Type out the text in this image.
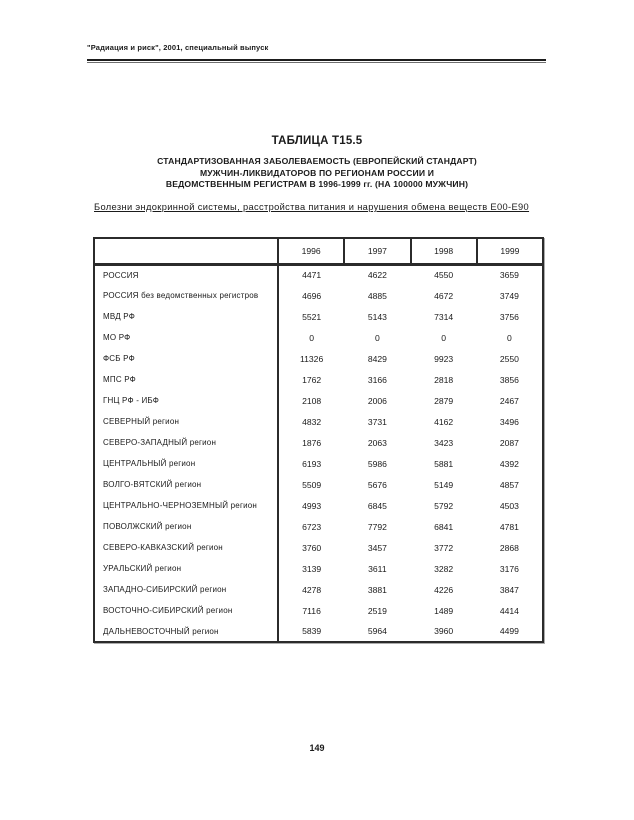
"Радиация и риск", 2001, специальный выпуск
ТАБЛИЦА Т15.5
СТАНДАРТИЗОВАННАЯ ЗАБОЛЕВАЕМОСТЬ (ЕВРОПЕЙСКИЙ СТАНДАРТ)
МУЖЧИН-ЛИКВИДАТОРОВ ПО РЕГИОНАМ РОССИИ И
ВЕДОМСТВЕННЫМ РЕГИСТРАМ В 1996-1999 гг. (НА 100000 МУЖЧИН)
Болезни эндокринной системы, расстройства питания и нарушения обмена веществ E00-E90
	1996	1997	1998	1999
РОССИЯ	4471	4622	4550	3659
РОССИЯ без ведомственных регистров	4696	4885	4672	3749
МВД РФ	5521	5143	7314	3756
МО РФ	0	0	0	0
ФСБ РФ	11326	8429	9923	2550
МПС РФ	1762	3166	2818	3856
ГНЦ РФ - ИБФ	2108	2006	2879	2467
СЕВЕРНЫЙ регион	4832	3731	4162	3496
СЕВЕРО-ЗАПАДНЫЙ регион	1876	2063	3423	2087
ЦЕНТРАЛЬНЫЙ регион	6193	5986	5881	4392
ВОЛГО-ВЯТСКИЙ регион	5509	5676	5149	4857
ЦЕНТРАЛЬНО-ЧЕРНОЗЕМНЫЙ регион	4993	6845	5792	4503
ПОВОЛЖСКИЙ регион	6723	7792	6841	4781
СЕВЕРО-КАВКАЗСКИЙ регион	3760	3457	3772	2868
УРАЛЬСКИЙ регион	3139	3611	3282	3176
ЗАПАДНО-СИБИРСКИЙ регион	4278	3881	4226	3847
ВОСТОЧНО-СИБИРСКИЙ регион	7116	2519	1489	4414
ДАЛЬНЕВОСТОЧНЫЙ регион	5839	5964	3960	4499
149
